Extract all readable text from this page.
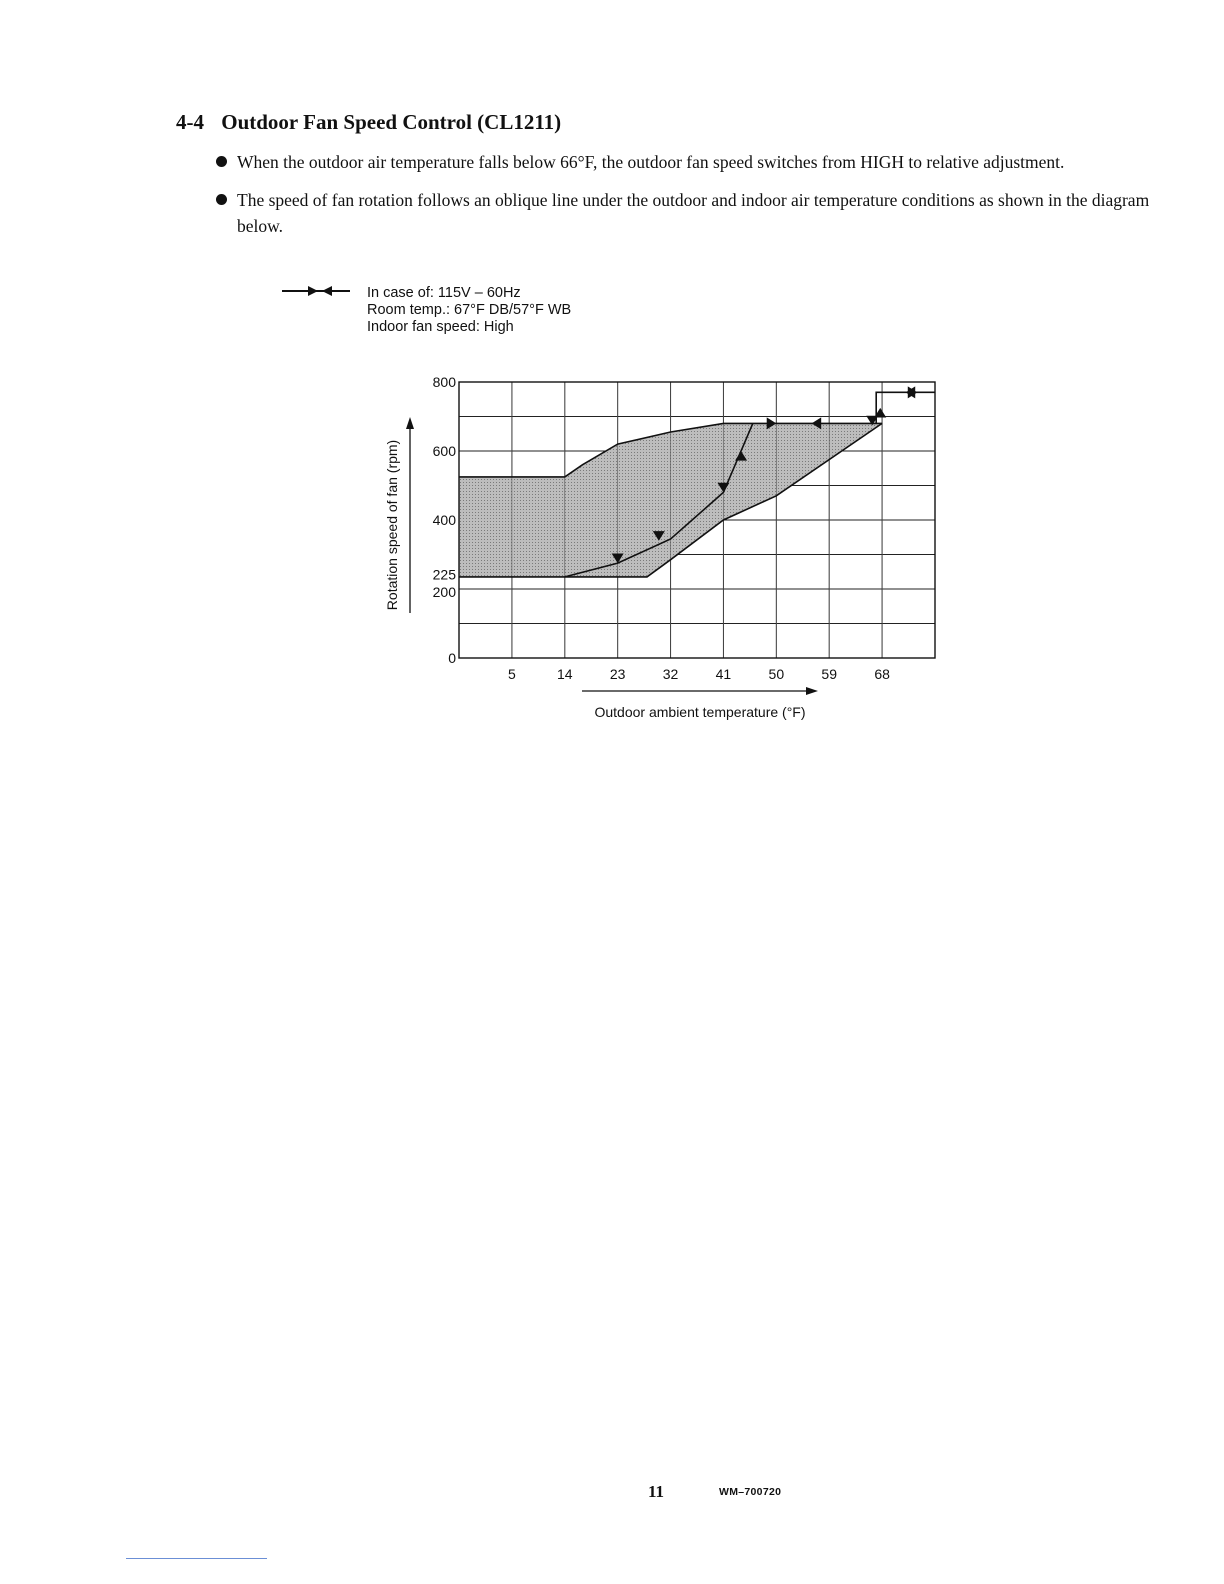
4-4 Outdoor Fan Speed Control (CL1211)
When the outdoor air temperature falls below 66°F, the outdoor fan speed switches from HIGH to relative adjustment.
The speed of fan rotation follows an oblique line under the outdoor and indoor air temperature conditions as shown in the diagram below.
In case of: 115V – 60Hz
Room temp.: 67°F DB/57°F WB
Indoor fan speed: High
5	14	23	32	41	50	59	68
800
600
400
225
200
0
Outdoor ambient temperature (°F)
Rotation speed of fan (rpm)
11	WM–700720
